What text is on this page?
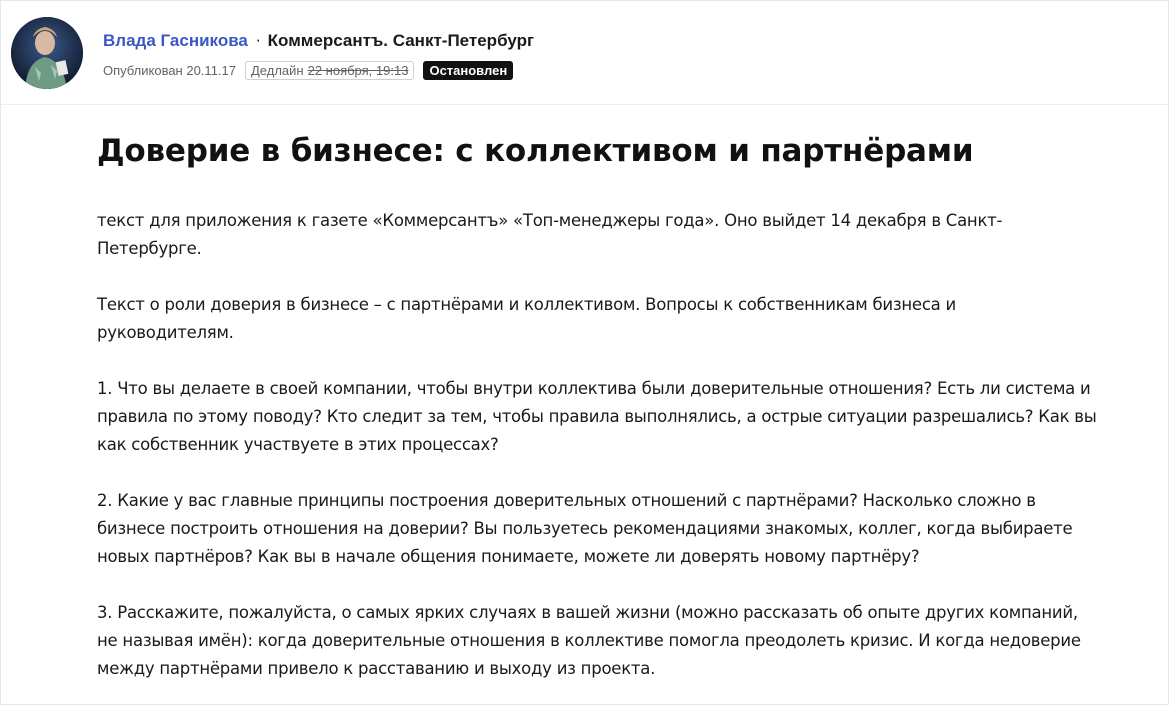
Влада Гасникова · Коммерсантъ. Санкт-Петербург
Опубликован 20.11.17	Дедлайн 22 ноября, 19:13	Остановлен
Доверие в бизнесе: с коллективом и партнёрами

текст для приложения к газете «Коммерсантъ» «Топ-менеджеры года». Оно выйдет 14 декабря в Санкт-Петербурге.

Текст о роли доверия в бизнесе – с партнёрами и коллективом. Вопросы к собственникам бизнеса и руководителям.

1. Что вы делаете в своей компании, чтобы внутри коллектива были доверительные отношения? Есть ли система и правила по этому поводу? Кто следит за тем, чтобы правила выполнялись, а острые ситуации разрешались? Как вы как собственник участвуете в этих процессах?

2. Какие у вас главные принципы построения доверительных отношений с партнёрами? Насколько сложно в бизнесе построить отношения на доверии? Вы пользуетесь рекомендациями знакомых, коллег, когда выбираете новых партнёров? Как вы в начале общения понимаете, можете ли доверять новому партнёру?

3. Расскажите, пожалуйста, о самых ярких случаях в вашей жизни (можно рассказать об опыте других компаний, не называя имён): когда доверительные отношения в коллективе помогла преодолеть кризис. И когда недоверие между партнёрами привело к расставанию и выходу из проекта.
